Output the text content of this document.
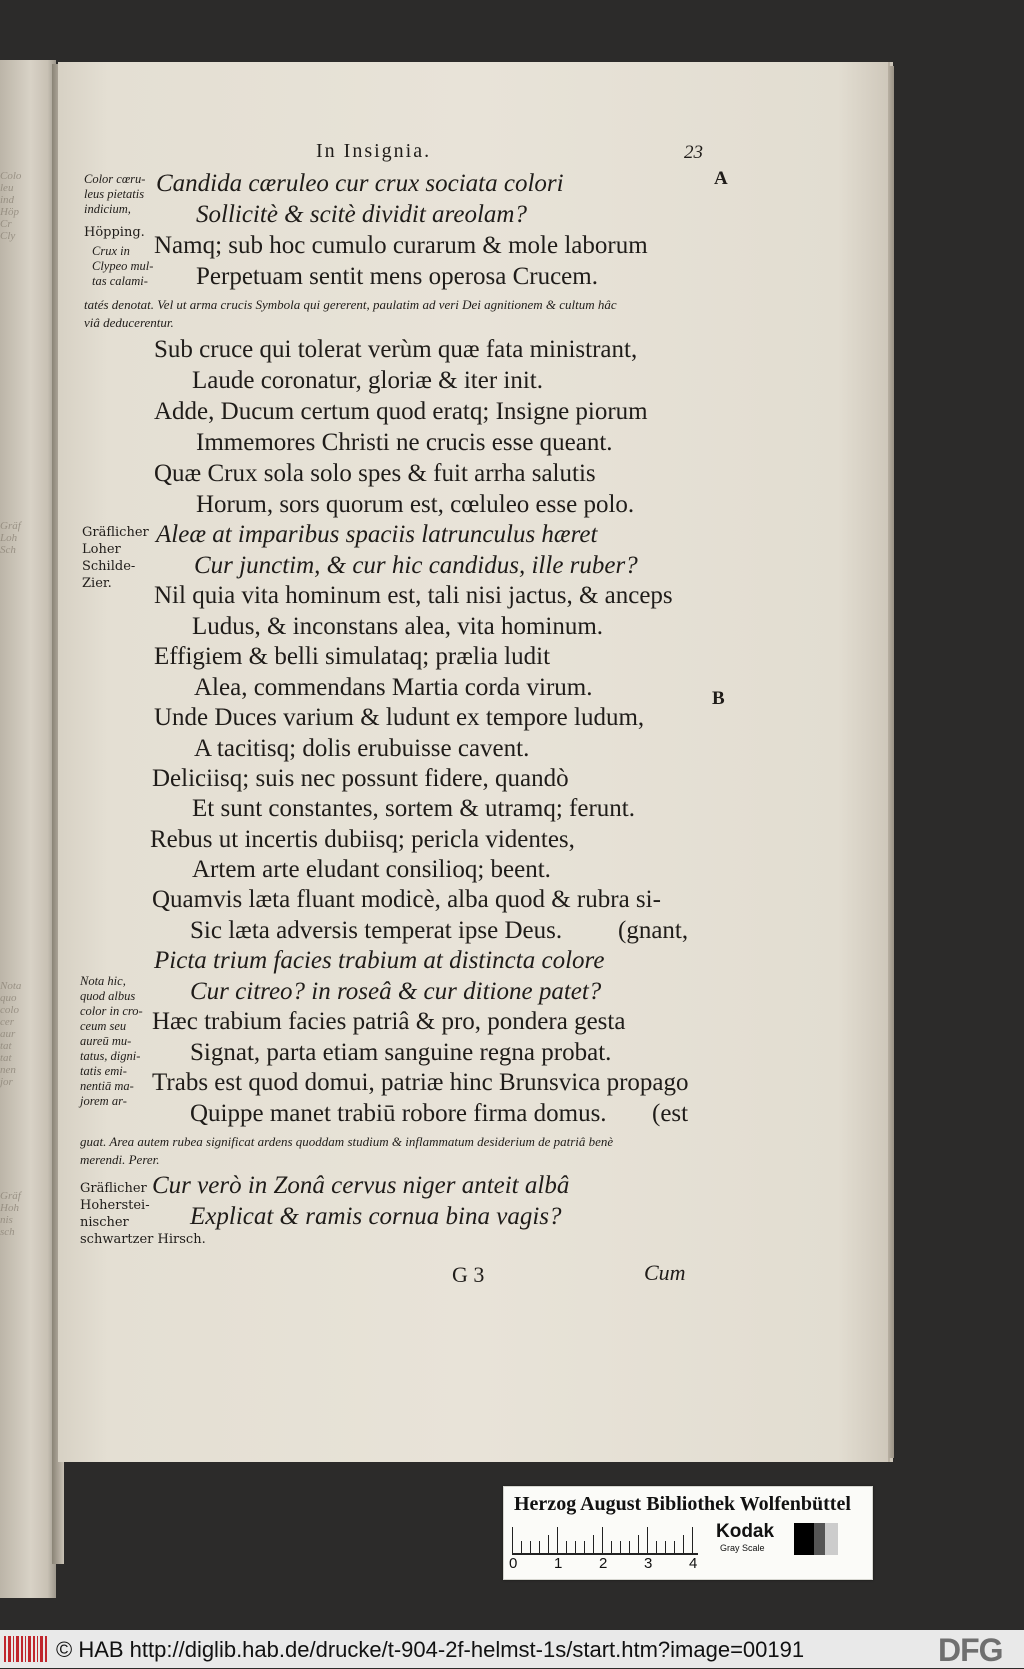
Colo
leu
ind
Höp
Cr
Cly
Gräf
Loh
Sch
Nota
quo
colo
cer
aur
tat
tat
nen
jor
Gräf
Hoh
nis
sch
In Insignia.	23
A
B
Color cœru-
leus pietatis
indicium,
Höpping.
Crux in
Clypeo mul-
tas calami-
Gräflicher
Loher
Schilde-
Zier.
Nota hic,
quod albus
color in cro-
ceum seu
aureū mu-
tatus, digni-
tatis emi-
nentiā ma-
jorem ar-
Gräflicher
Hoherstei-
nischer
schwartzer Hirsch.
Candida cæruleo cur crux sociata colori
Sollicitè & scitè dividit areolam?
Namq; sub hoc cumulo curarum & mole laborum
Perpetuam sentit mens operosa Crucem.
tatés denotat. Vel ut arma crucis Symbola qui gererent, paulatim ad veri Dei agnitionem & cultum hâc
viâ deducerentur.
Sub cruce qui tolerat verùm quæ fata ministrant,
Laude coronatur, gloriæ & iter init.
Adde, Ducum certum quod eratq; Insigne piorum
Immemores Christi ne crucis esse queant.
Quæ Crux sola solo spes & fuit arrha salutis
Horum, sors quorum est, cœluleo esse polo.
Aleæ at imparibus spaciis latrunculus hæret
Cur junctim, & cur hic candidus, ille ruber?
Nil quia vita hominum est, tali nisi jactus, & anceps
Ludus, & inconstans alea, vita hominum.
Effigiem & belli simulataq; prælia ludit
Alea, commendans Martia corda virum.
Unde Duces varium & ludunt ex tempore ludum,
A tacitisq; dolis erubuisse cavent.
Deliciisq; suis nec possunt fidere, quandò
Et sunt constantes, sortem & utramq; ferunt.
Rebus ut incertis dubiisq; pericla videntes,
Artem arte eludant consilioq; beent.
Quamvis læta fluant modicè, alba quod & rubra si-
Sic læta adversis temperat ipse Deus. (gnant,
Picta trium facies trabium at distincta colore
Cur citreo? in roseâ & cur ditione patet?
Hæc trabium facies patriâ & pro, pondera gesta
Signat, parta etiam sanguine regna probat.
Trabs est quod domui, patriæ hinc Brunsvica propago
Quippe manet trabiū robore firma domus. (est
guat. Area autem rubea significat ardens quoddam studium & inflammatum desiderium de patriâ benè
merendi. Perer.
Cur verò in Zonâ cervus niger anteit albâ
Explicat & ramis cornua bina vagis?
G 3	Cum
Herzog August Bibliothek Wolfenbüttel
0 1 2 3 4
Kodak
Gray Scale
© HAB http://diglib.hab.de/drucke/t-904-2f-helmst-1s/start.htm?image=00191	DFG
